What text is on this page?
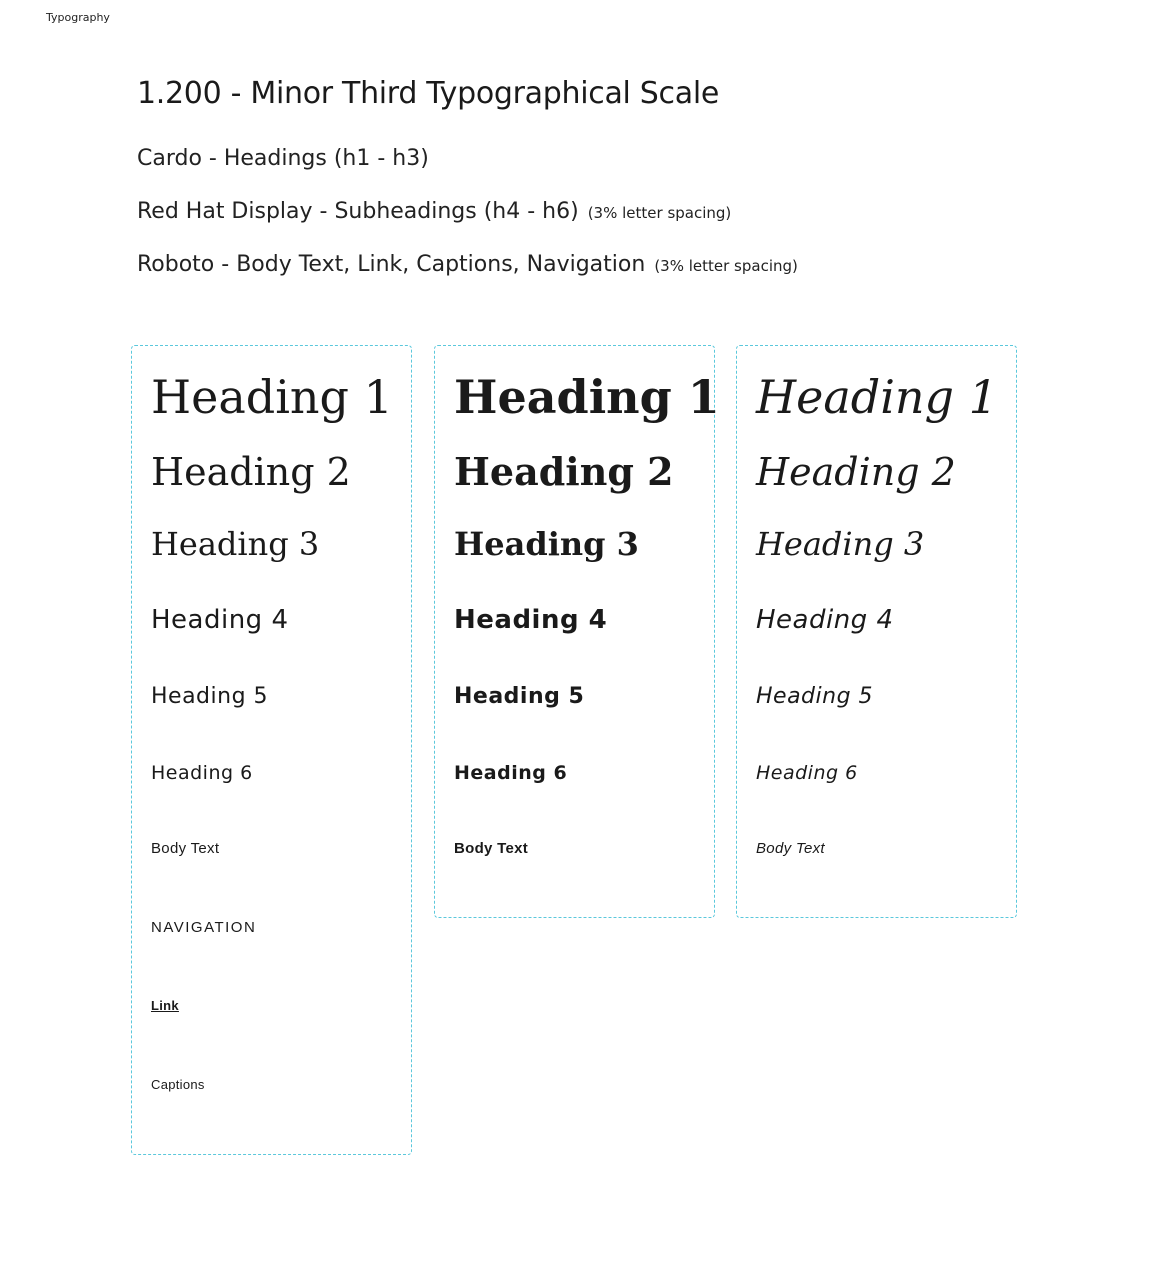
Typography
1.200 - Minor Third Typographical Scale
Cardo - Headings (h1 - h3)
Red Hat Display - Subheadings (h4 - h6) (3% letter spacing)
Roboto - Body Text, Link, Captions, Navigation (3% letter spacing)
Heading 1
Heading 2
Heading 3
Heading 4
Heading 5
Heading 6
Body Text
NAVIGATION
Link
Captions
Heading 1
Heading 2
Heading 3
Heading 4
Heading 5
Heading 6
Body Text
Heading 1
Heading 2
Heading 3
Heading 4
Heading 5
Heading 6
Body Text
